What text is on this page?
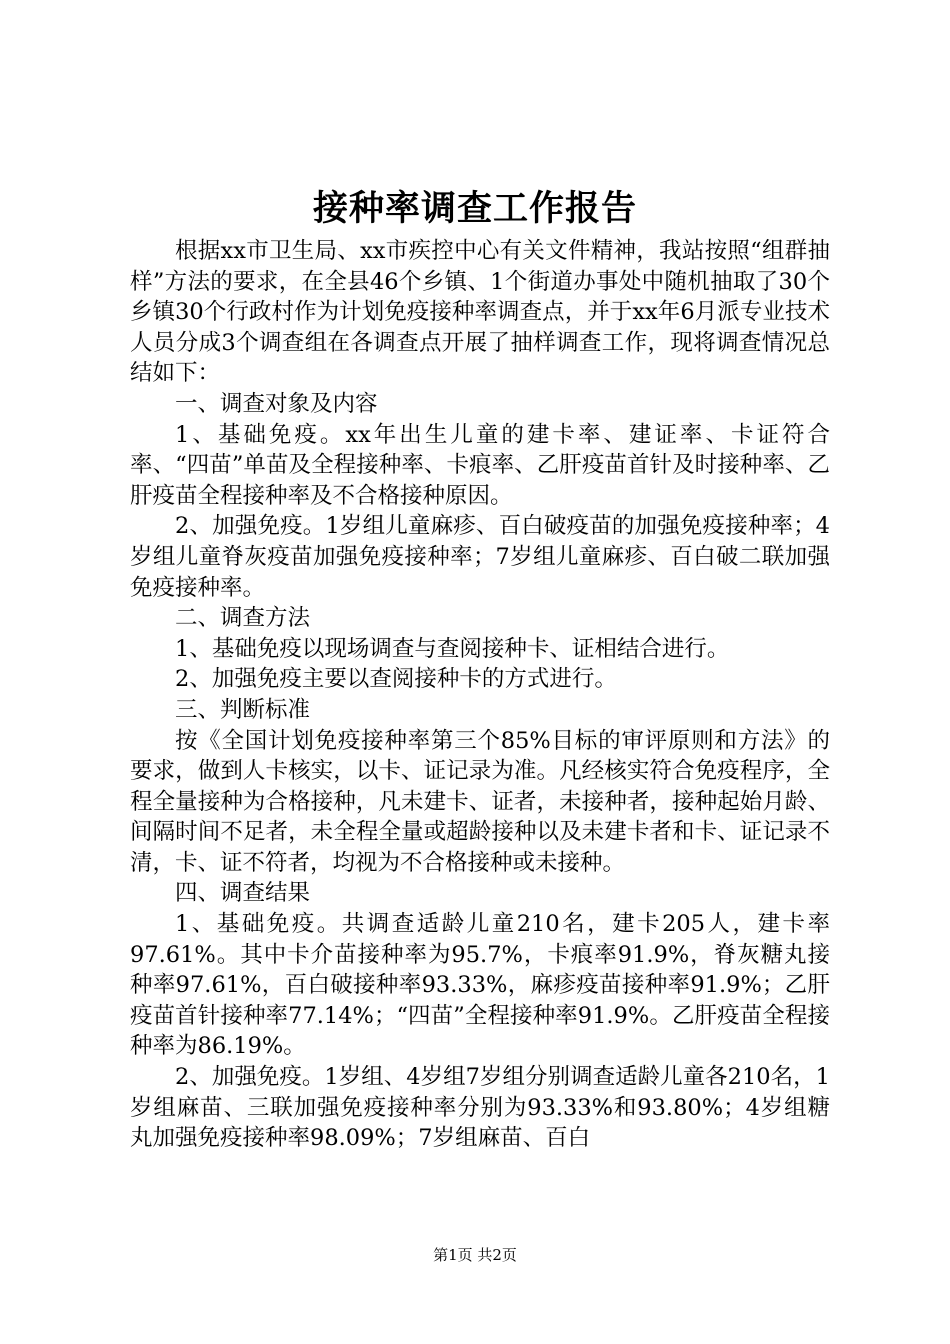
接种率调查工作报告

根据xx市卫生局、xx市疾控中心有关文件精神，我站按照“组群抽样”方法的要求，在全县46个乡镇、1个街道办事处中随机抽取了30个乡镇30个行政村作为计划免疫接种率调查点，并于xx年6月派专业技术人员分成3个调查组在各调查点开展了抽样调查工作，现将调查情况总结如下：

一、调查对象及内容

1、基础免疫。xx年出生儿童的建卡率、建证率、卡证符合率、“四苗”单苗及全程接种率、卡痕率、乙肝疫苗首针及时接种率、乙肝疫苗全程接种率及不合格接种原因。

2、加强免疫。1岁组儿童麻疹、百白破疫苗的加强免疫接种率；4岁组儿童脊灰疫苗加强免疫接种率；7岁组儿童麻疹、百白破二联加强免疫接种率。

二、调查方法

1、基础免疫以现场调查与查阅接种卡、证相结合进行。

2、加强免疫主要以查阅接种卡的方式进行。

三、判断标准

按《全国计划免疫接种率第三个85%目标的审评原则和方法》的要求，做到人卡核实，以卡、证记录为准。凡经核实符合免疫程序，全程全量接种为合格接种，凡未建卡、证者，未接种者，接种起始月龄、间隔时间不足者，未全程全量或超龄接种以及未建卡者和卡、证记录不清，卡、证不符者，均视为不合格接种或未接种。

四、调查结果

1、基础免疫。共调查适龄儿童210名，建卡205人，建卡率97.61%。其中卡介苗接种率为95.7%，卡痕率91.9%，脊灰糖丸接种率97.61%，百白破接种率93.33%，麻疹疫苗接种率91.9%；乙肝疫苗首针接种率77.14%；“四苗”全程接种率91.9%。乙肝疫苗全程接种率为86.19%。

2、加强免疫。1岁组、4岁组7岁组分别调查适龄儿童各210名，1岁组麻苗、三联加强免疫接种率分别为93.33%和93.80%；4岁组糖丸加强免疫接种率98.09%；7岁组麻苗、百白

第1页 共2页
